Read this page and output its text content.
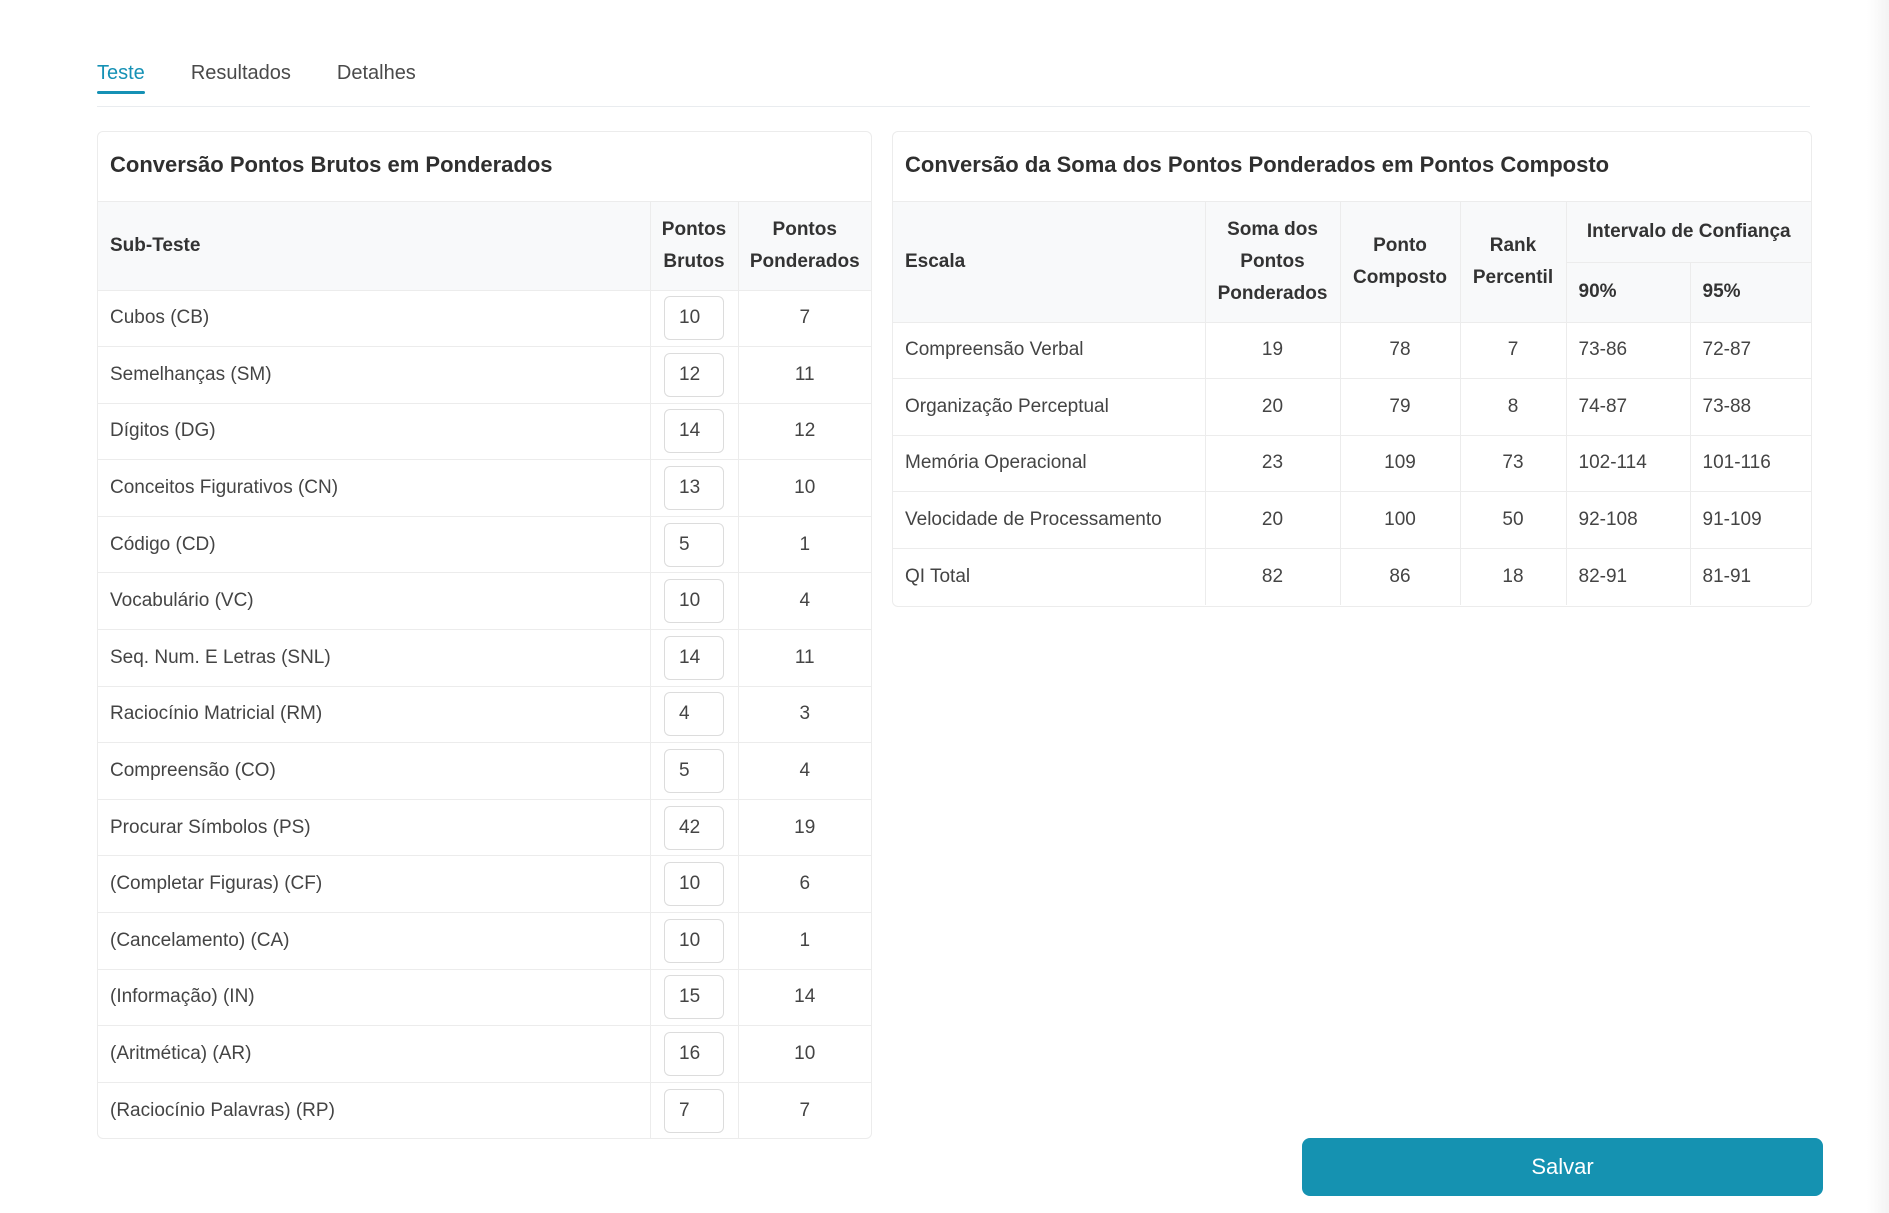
Teste Resultados Detalhes
Conversão Pontos Brutos em Ponderados
Sub-Teste	Pontos Brutos	Pontos Ponderados
Cubos (CB)	10	7
Semelhanças (SM)	12	11
Dígitos (DG)	14	12
Conceitos Figurativos (CN)	13	10
Código (CD)	5	1
Vocabulário (VC)	10	4
Seq. Num. E Letras (SNL)	14	11
Raciocínio Matricial (RM)	4	3
Compreensão (CO)	5	4
Procurar Símbolos (PS)	42	19
(Completar Figuras) (CF)	10	6
(Cancelamento) (CA)	10	1
(Informação) (IN)	15	14
(Aritmética) (AR)	16	10
(Raciocínio Palavras) (RP)	7	7
Conversão da Soma dos Pontos Ponderados em Pontos Composto
Escala	Soma dos Pontos Ponderados	Ponto Composto	Rank Percentil	Intervalo de Confiança	
				90%	95%
Compreensão Verbal	19	78	7	73-86	72-87
Organização Perceptual	20	79	8	74-87	73-88
Memória Operacional	23	109	73	102-114	101-116
Velocidade de Processamento	20	100	50	92-108	91-109
QI Total	82	86	18	82-91	81-91
Salvar
